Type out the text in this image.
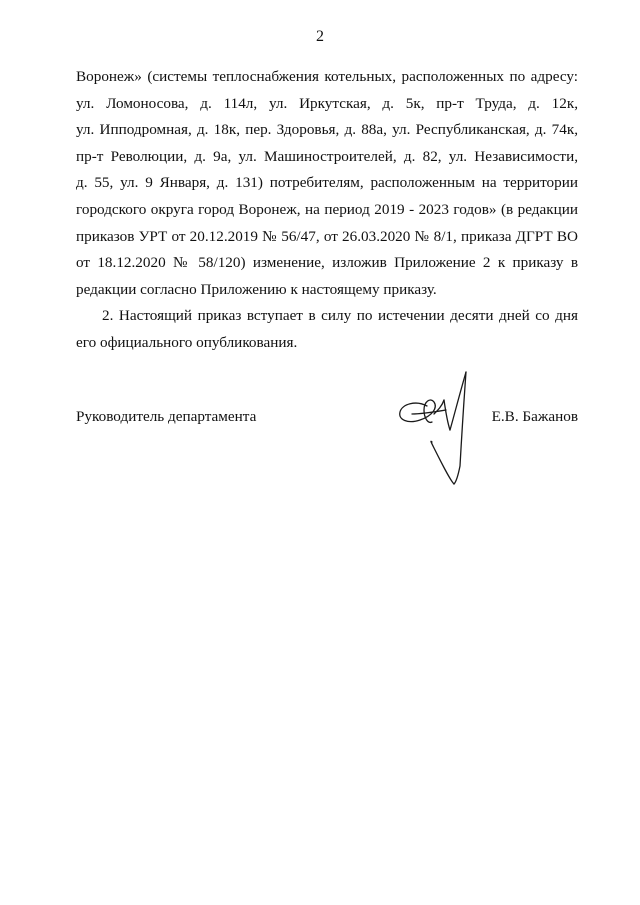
2

Воронеж» (системы теплоснабжения котельных, расположенных по адресу:
ул. Ломоносова, д. 114л, ул. Иркутская, д. 5к, пр-т Труда, д. 12к,
ул. Ипподромная, д. 18к, пер. Здоровья, д. 88а, ул. Республиканская, д. 74к,
пр-т Революции, д. 9а, ул. Машиностроителей, д. 82, ул. Независимости,
д. 55, ул. 9 Января, д. 131) потребителям, расположенным на территории
городского округа город Воронеж, на период 2019 - 2023 годов» (в редакции
приказов УРТ от 20.12.2019 № 56/47, от 26.03.2020 № 8/1, приказа ДГРТ ВО
от 18.12.2020 № 58/120) изменение, изложив Приложение 2 к приказу в
редакции согласно Приложению к настоящему приказу.

2. Настоящий приказ вступает в силу по истечении десяти дней со дня
его официального опубликования.

Руководитель департамента	Е.В. Бажанов
